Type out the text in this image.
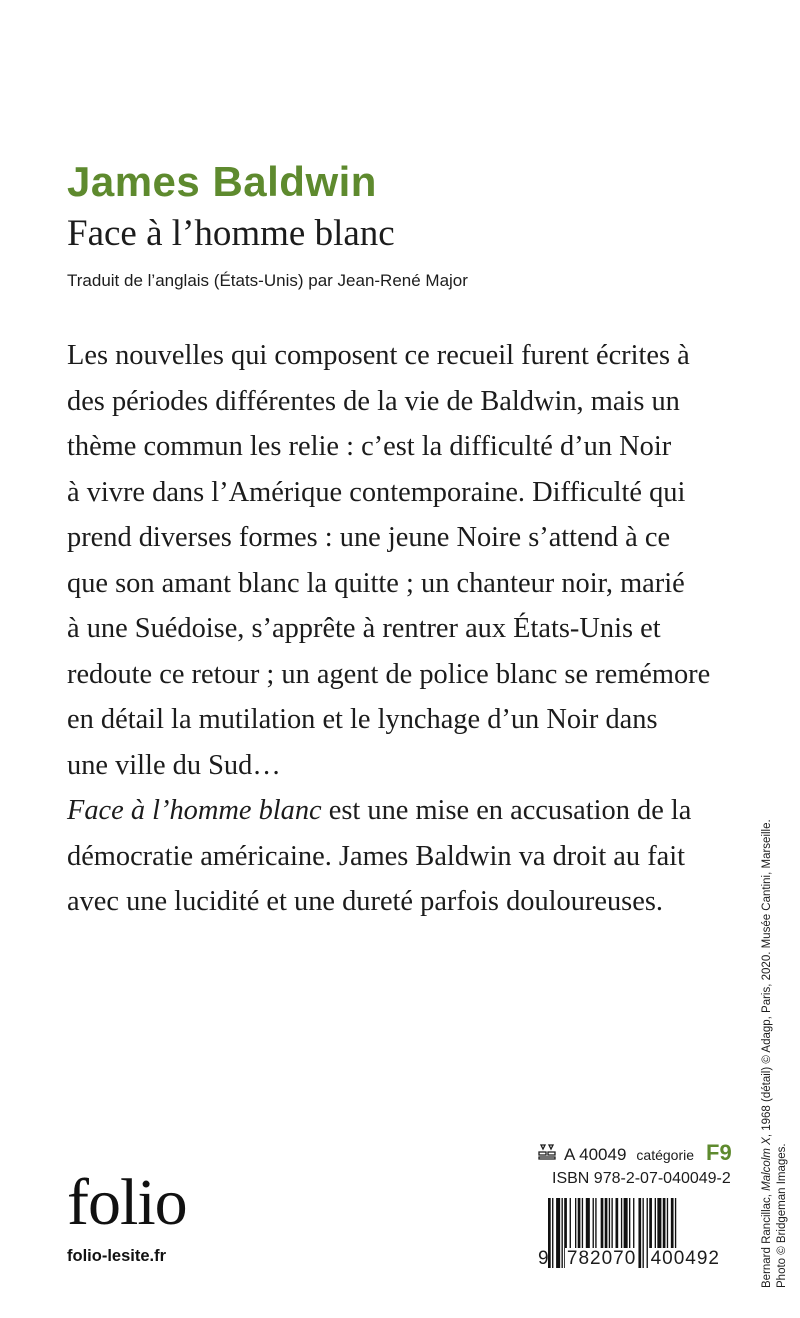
James Baldwin
Face à l’homme blanc
Traduit de l’anglais (États-Unis) par Jean-René Major
Les nouvelles qui composent ce recueil furent écrites à
des périodes différentes de la vie de Baldwin, mais un
thème commun les relie : c’est la difficulté d’un Noir
à vivre dans l’Amérique contemporaine. Difficulté qui
prend diverses formes : une jeune Noire s’attend à ce
que son amant blanc la quitte ; un chanteur noir, marié
à une Suédoise, s’apprête à rentrer aux États-Unis et
redoute ce retour ; un agent de police blanc se remémore
en détail la mutilation et le lynchage d’un Noir dans
une ville du Sud…
Face à l’homme blanc est une mise en accusation de la
démocratie américaine. James Baldwin va droit au fait
avec une lucidité et une dureté parfois douloureuses.
Bernard Rancillac, Malcolm X, 1968 (détail) © Adagp, Paris, 2020. Musée Cantini, Marseille.
Photo © Bridgeman Images.
A 40049 catégorie F9
ISBN 978-2-07-040049-2
9 782070 400492
folio
folio-lesite.fr
